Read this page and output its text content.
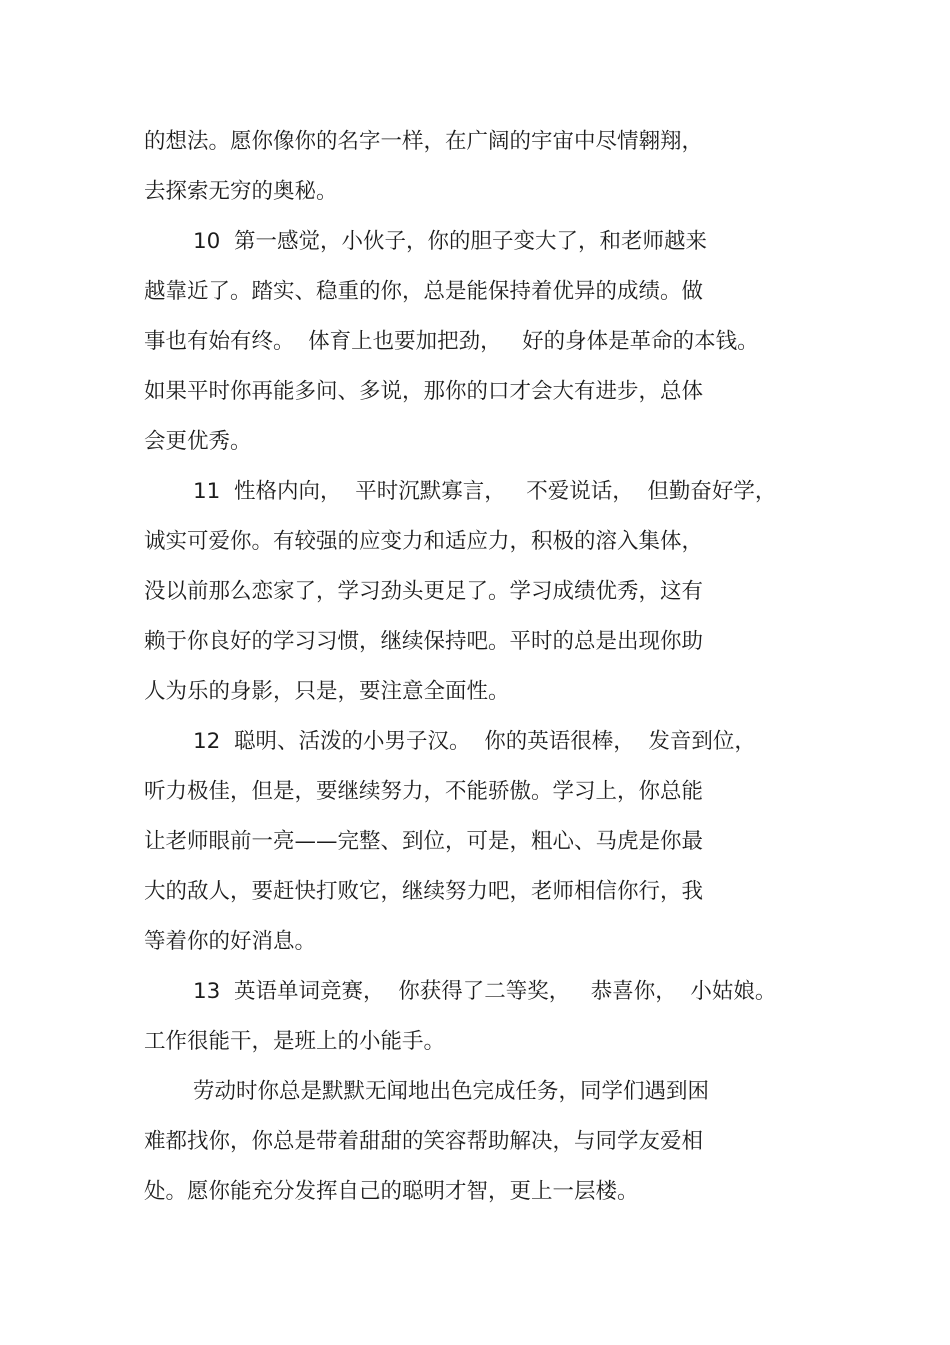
的想法。愿你像你的名字一样，在广阔的宇宙中尽情翱翔，

去探索无穷的奥秘。

10  第一感觉，小伙子，你的胆子变大了，和老师越来

越靠近了。踏实、稳重的你，总是能保持着优异的成绩。做

事也有始有终。  体育上也要加把劲，   好的身体是革命的本钱。

如果平时你再能多问、多说，那你的口才会大有进步，总体

会更优秀。

11  性格内向，  平时沉默寡言，   不爱说话，  但勤奋好学，

诚实可爱你。有较强的应变力和适应力，积极的溶入集体，

没以前那么恋家了，学习劲头更足了。学习成绩优秀，这有

赖于你良好的学习习惯，继续保持吧。平时的总是出现你助

人为乐的身影，只是，要注意全面性。

12  聪明、活泼的小男子汉。  你的英语很棒，  发音到位，

听力极佳，但是，要继续努力，不能骄傲。学习上，你总能

让老师眼前一亮——完整、到位，可是，粗心、马虎是你最

大的敌人，要赶快打败它，继续努力吧，老师相信你行，我

等着你的好消息。

13  英语单词竞赛，  你获得了二等奖，   恭喜你，  小姑娘。

工作很能干，是班上的小能手。

劳动时你总是默默无闻地出色完成任务，同学们遇到困

难都找你，你总是带着甜甜的笑容帮助解决，与同学友爱相

处。愿你能充分发挥自己的聪明才智，更上一层楼。
